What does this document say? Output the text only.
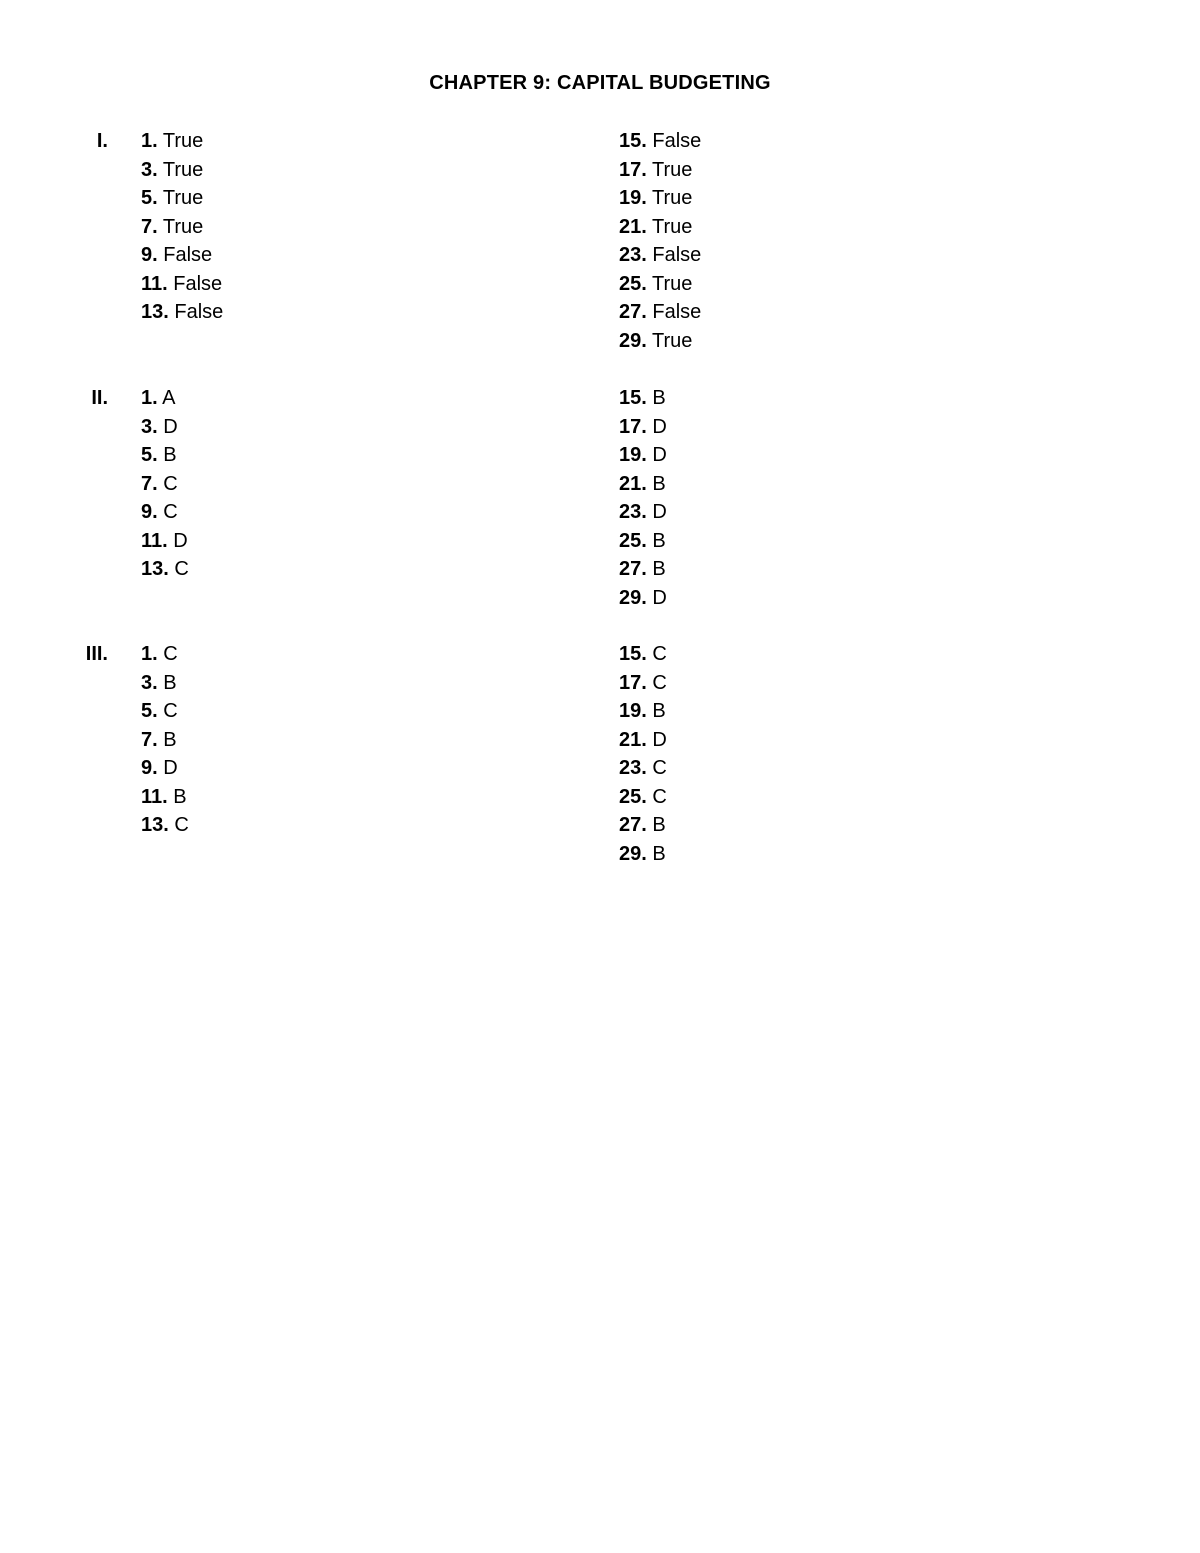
CHAPTER 9: CAPITAL BUDGETING
I. 1. True
3. True
5. True
7. True
9. False
11. False
13. False
15. False
17. True
19. True
21. True
23. False
25. True
27. False
29. True
II. 1. A
3. D
5. B
7. C
9. C
11. D
13. C
15. B
17. D
19. D
21. B
23. D
25. B
27. B
29. D
III. 1. C
3. B
5. C
7. B
9. D
11. B
13. C
15. C
17. C
19. B
21. D
23. C
25. C
27. B
29. B
